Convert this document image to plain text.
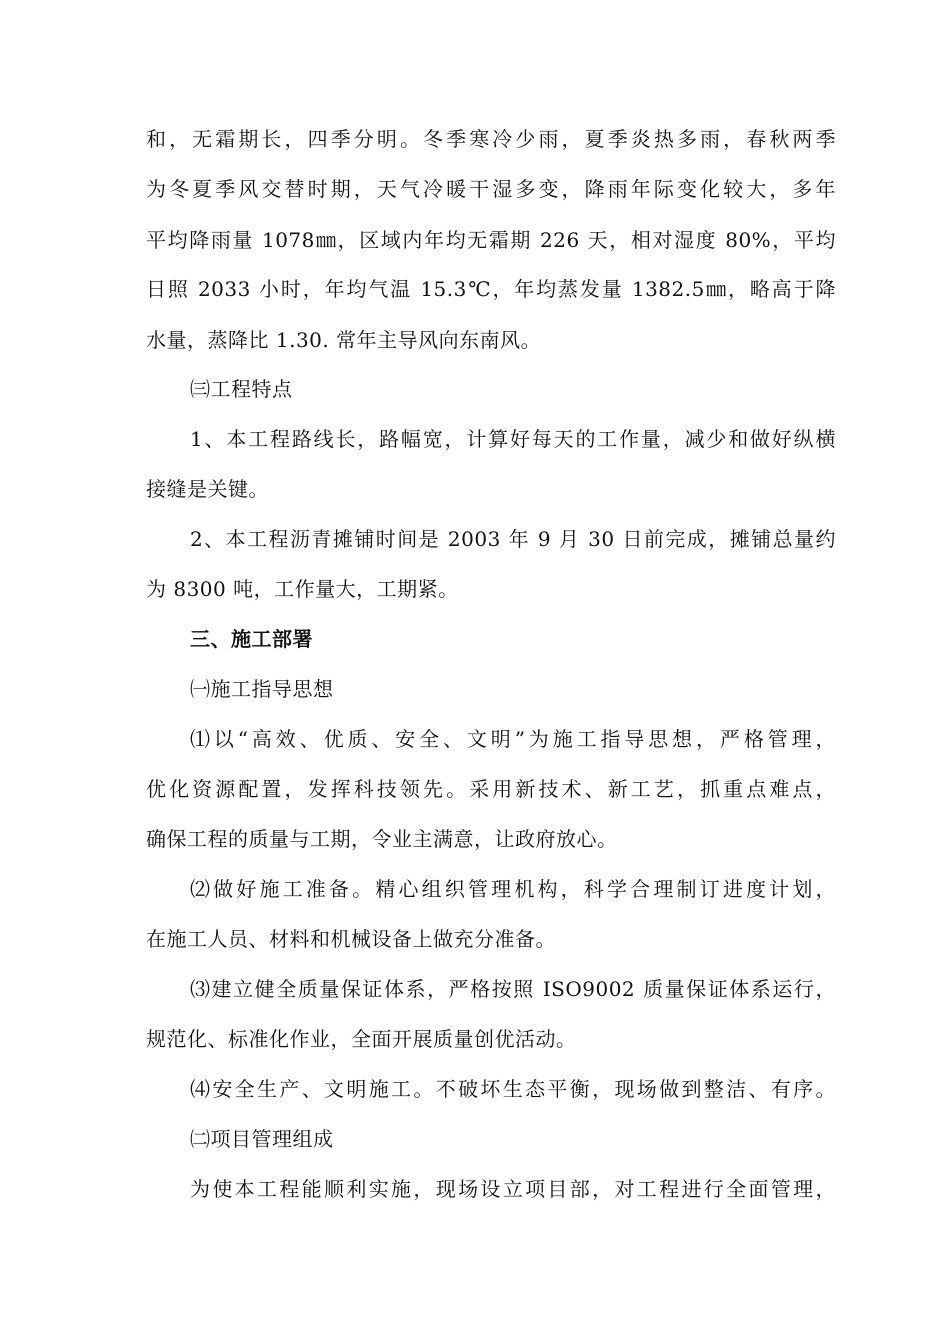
和，无霜期长，四季分明。冬季寒冷少雨，夏季炎热多雨，春秋两季
为冬夏季风交替时期，天气冷暖干湿多变，降雨年际变化较大，多年
平均降雨量 1078㎜，区域内年均无霜期 226 天，相对湿度 80%，平均
日照 2033 小时，年均气温 15.3℃，年均蒸发量 1382.5㎜，略高于降
水量，蒸降比 1.30. 常年主导风向东南风。
㈢工程特点
1、本工程路线长，路幅宽，计算好每天的工作量，减少和做好纵横
接缝是关键。
2、本工程沥青摊铺时间是 2003 年 9 月 30 日前完成，摊铺总量约
为 8300 吨，工作量大，工期紧。
三、施工部署
㈠施工指导思想
⑴以“高效、优质、安全、文明”为施工指导思想，严格管理，
优化资源配置，发挥科技领先。采用新技术、新工艺，抓重点难点，
确保工程的质量与工期，令业主满意，让政府放心。
⑵做好施工准备。精心组织管理机构，科学合理制订进度计划，
在施工人员、材料和机械设备上做充分准备。
⑶建立健全质量保证体系，严格按照 ISO9002 质量保证体系运行，
规范化、标准化作业，全面开展质量创优活动。
⑷安全生产、文明施工。不破坏生态平衡，现场做到整洁、有序。
㈡项目管理组成
为使本工程能顺利实施，现场设立项目部，对工程进行全面管理，
